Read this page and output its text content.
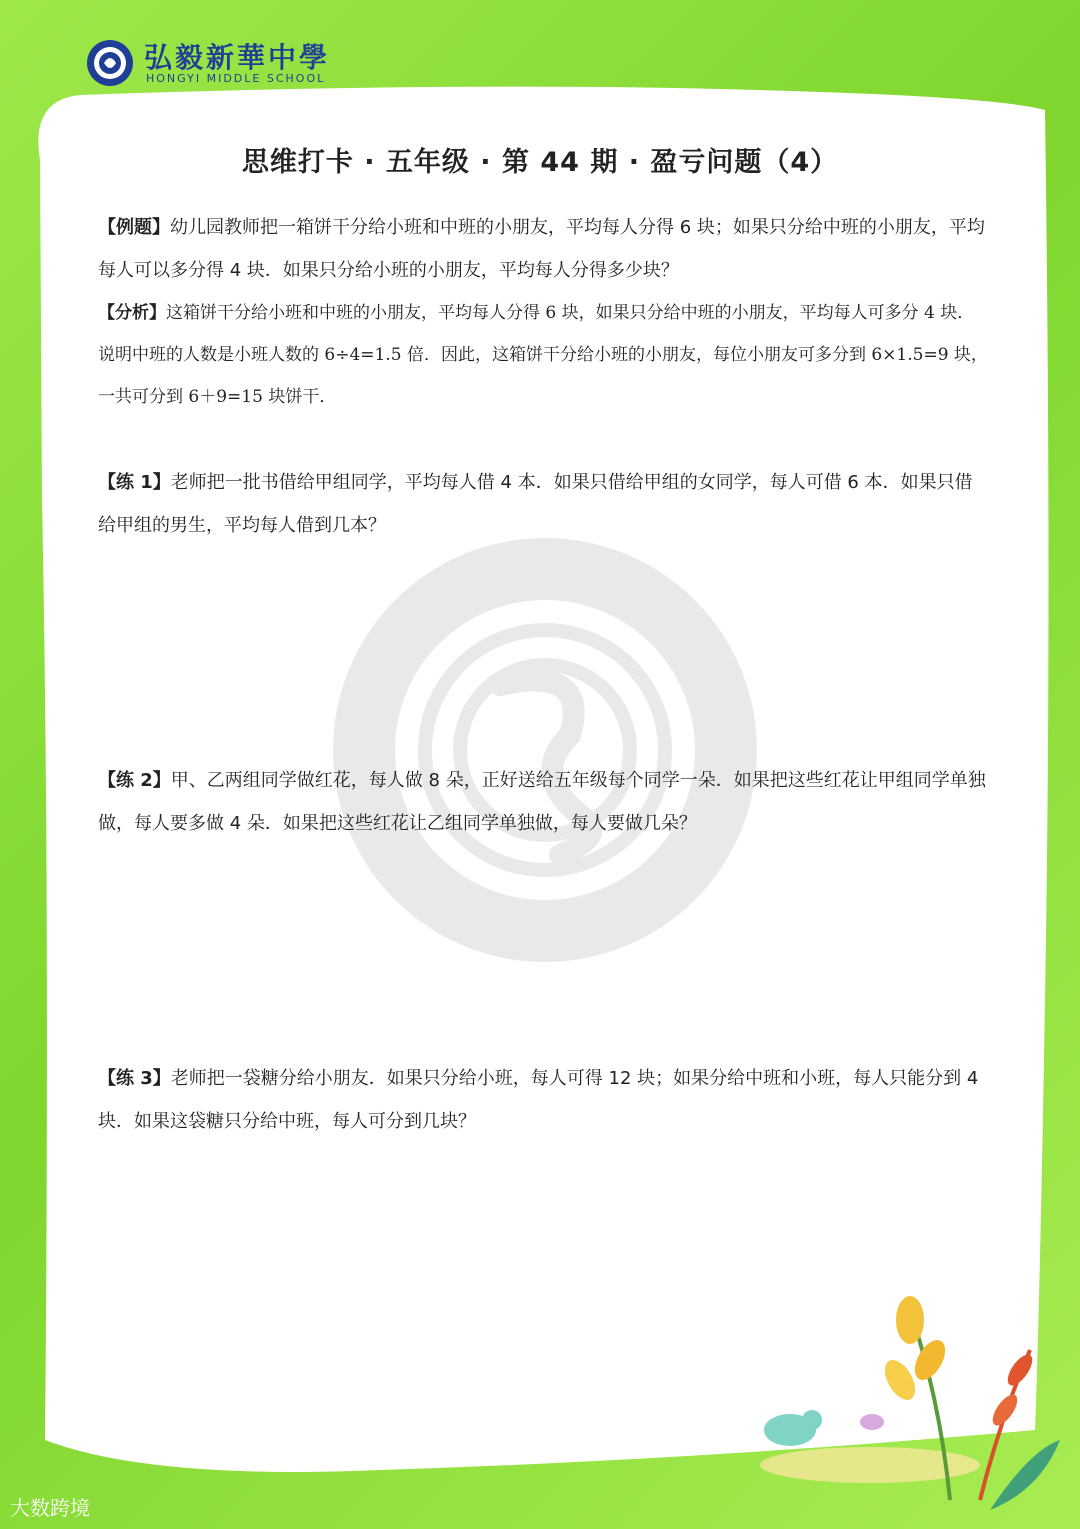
弘毅新華中學
HONGYI MIDDLE SCHOOL
思维打卡 · 五年级 · 第 44 期 · 盈亏问题（4）
【例题】幼儿园教师把一箱饼干分给小班和中班的小朋友，平均每人分得 6 块；如果只分给中班的小朋友，平均每人可以多分得 4 块．如果只分给小班的小朋友，平均每人分得多少块？
【分析】这箱饼干分给小班和中班的小朋友，平均每人分得 6 块，如果只分给中班的小朋友，平均每人可多分 4 块．说明中班的人数是小班人数的 6÷4=1.5 倍．因此，这箱饼干分给小班的小朋友，每位小朋友可多分到 6×1.5=9 块，一共可分到 6＋9=15 块饼干．
【练 1】老师把一批书借给甲组同学，平均每人借 4 本．如果只借给甲组的女同学，每人可借 6 本．如果只借给甲组的男生，平均每人借到几本？
【练 2】甲、乙两组同学做红花，每人做 8 朵，正好送给五年级每个同学一朵．如果把这些红花让甲组同学单独做，每人要多做 4 朵．如果把这些红花让乙组同学单独做，每人要做几朵？
【练 3】老师把一袋糖分给小朋友．如果只分给小班，每人可得 12 块；如果分给中班和小班，每人只能分到 4 块．如果这袋糖只分给中班，每人可分到几块？
大数跨境
